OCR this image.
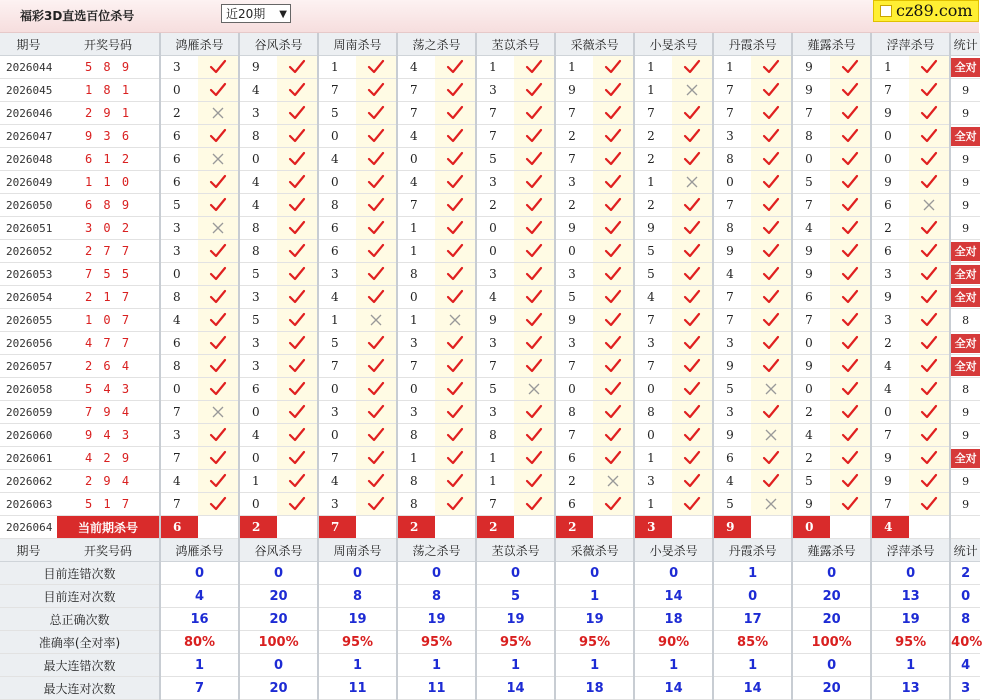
福彩3D直选百位杀号	近20期 ▼	cz89.com
期号	开奖号码	鸿雁杀号		谷风杀号		周南杀号		荡之杀号		苤苡杀号		采薇杀号		小旻杀号		丹霞杀号		薤露杀号		浮萍杀号		统计
2026044	5 8 9	3		9		1		4		1		1		1		1		9		1		全对
2026045	1 8 1	0		4		7		7		3		9		1		7		9		7		9
2026046	2 9 1	2		3		5		7		7		7		7		7		7		9		9
2026047	9 3 6	6		8		0		4		7		2		2		3		8		0		全对
2026048	6 1 2	6		0		4		0		5		7		2		8		0		0		9
2026049	1 1 0	6		4		0		4		3		3		1		0		5		9		9
2026050	6 8 9	5		4		8		7		2		2		2		7		7		6		9
2026051	3 0 2	3		8		6		1		0		9		9		8		4		2		9
2026052	2 7 7	3		8		6		1		0		0		5		9		9		6		全对
2026053	7 5 5	0		5		3		8		3		3		5		4		9		3		全对
2026054	2 1 7	8		3		4		0		4		5		4		7		6		9		全对
2026055	1 0 7	4		5		1		1		9		9		7		7		7		3		8
2026056	4 7 7	6		3		5		3		3		3		3		3		0		2		全对
2026057	2 6 4	8		3		7		7		7		7		7		9		9		4		全对
2026058	5 4 3	0		6		0		0		5		0		0		5		0		4		8
2026059	7 9 4	7		0		3		3		3		8		8		3		2		0		9
2026060	9 4 3	3		4		0		8		8		7		0		9		4		7		9
2026061	4 2 9	7		0		7		1		1		6		1		6		2		9		全对
2026062	2 9 4	4		1		4		8		1		2		3		4		5		9		9
2026063	5 1 7	7		0		3		8		7		6		1		5		9		7		9
2026064	当前期杀号	6		2		7		2		2		2		3		9		0		4		
期号	开奖号码	鸿雁杀号		谷风杀号		周南杀号		荡之杀号		苤苡杀号		采薇杀号		小旻杀号		丹霞杀号		薤露杀号		浮萍杀号		统计
目前连错次数		0		0		0		0		0		0		0		1		0		0		2
目前连对次数		4		20		8		8		5		1		14		0		20		13		0
总正确次数		16		20		19		19		19		19		18		17		20		19		8
准确率(全对率)		80%		100%		95%		95%		95%		95%		90%		85%		100%		95%		40%
最大连错次数		1		0		1		1		1		1		1		1		0		1		4
最大连对次数		7		20		11		11		14		18		14		14		20		13		3
